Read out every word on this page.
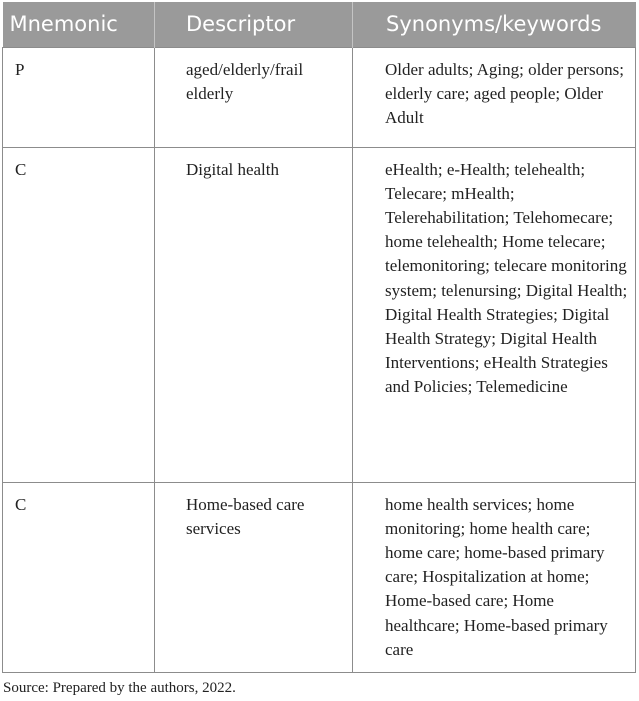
Mnemonic	Descriptor	Synonyms/keywords
P	aged/elderly/frail elderly	Older adults; Aging; older persons; elderly care; aged people; Older Adult
C	Digital health	eHealth; e-Health; telehealth; Telecare; mHealth; Telerehabilitation; Telehomecare; home telehealth; Home telecare; telemonitoring; telecare monitoring system; telenursing; Digital Health; Digital Health Strategies; Digital Health Strategy; Digital Health Interventions; eHealth Strategies and Policies; Telemedicine
C	Home-based care services	home health services; home monitoring; home health care; home care; home-based primary care; Hospitalization at home; Home-based care; Home healthcare; Home-based primary care
Source: Prepared by the authors, 2022.
